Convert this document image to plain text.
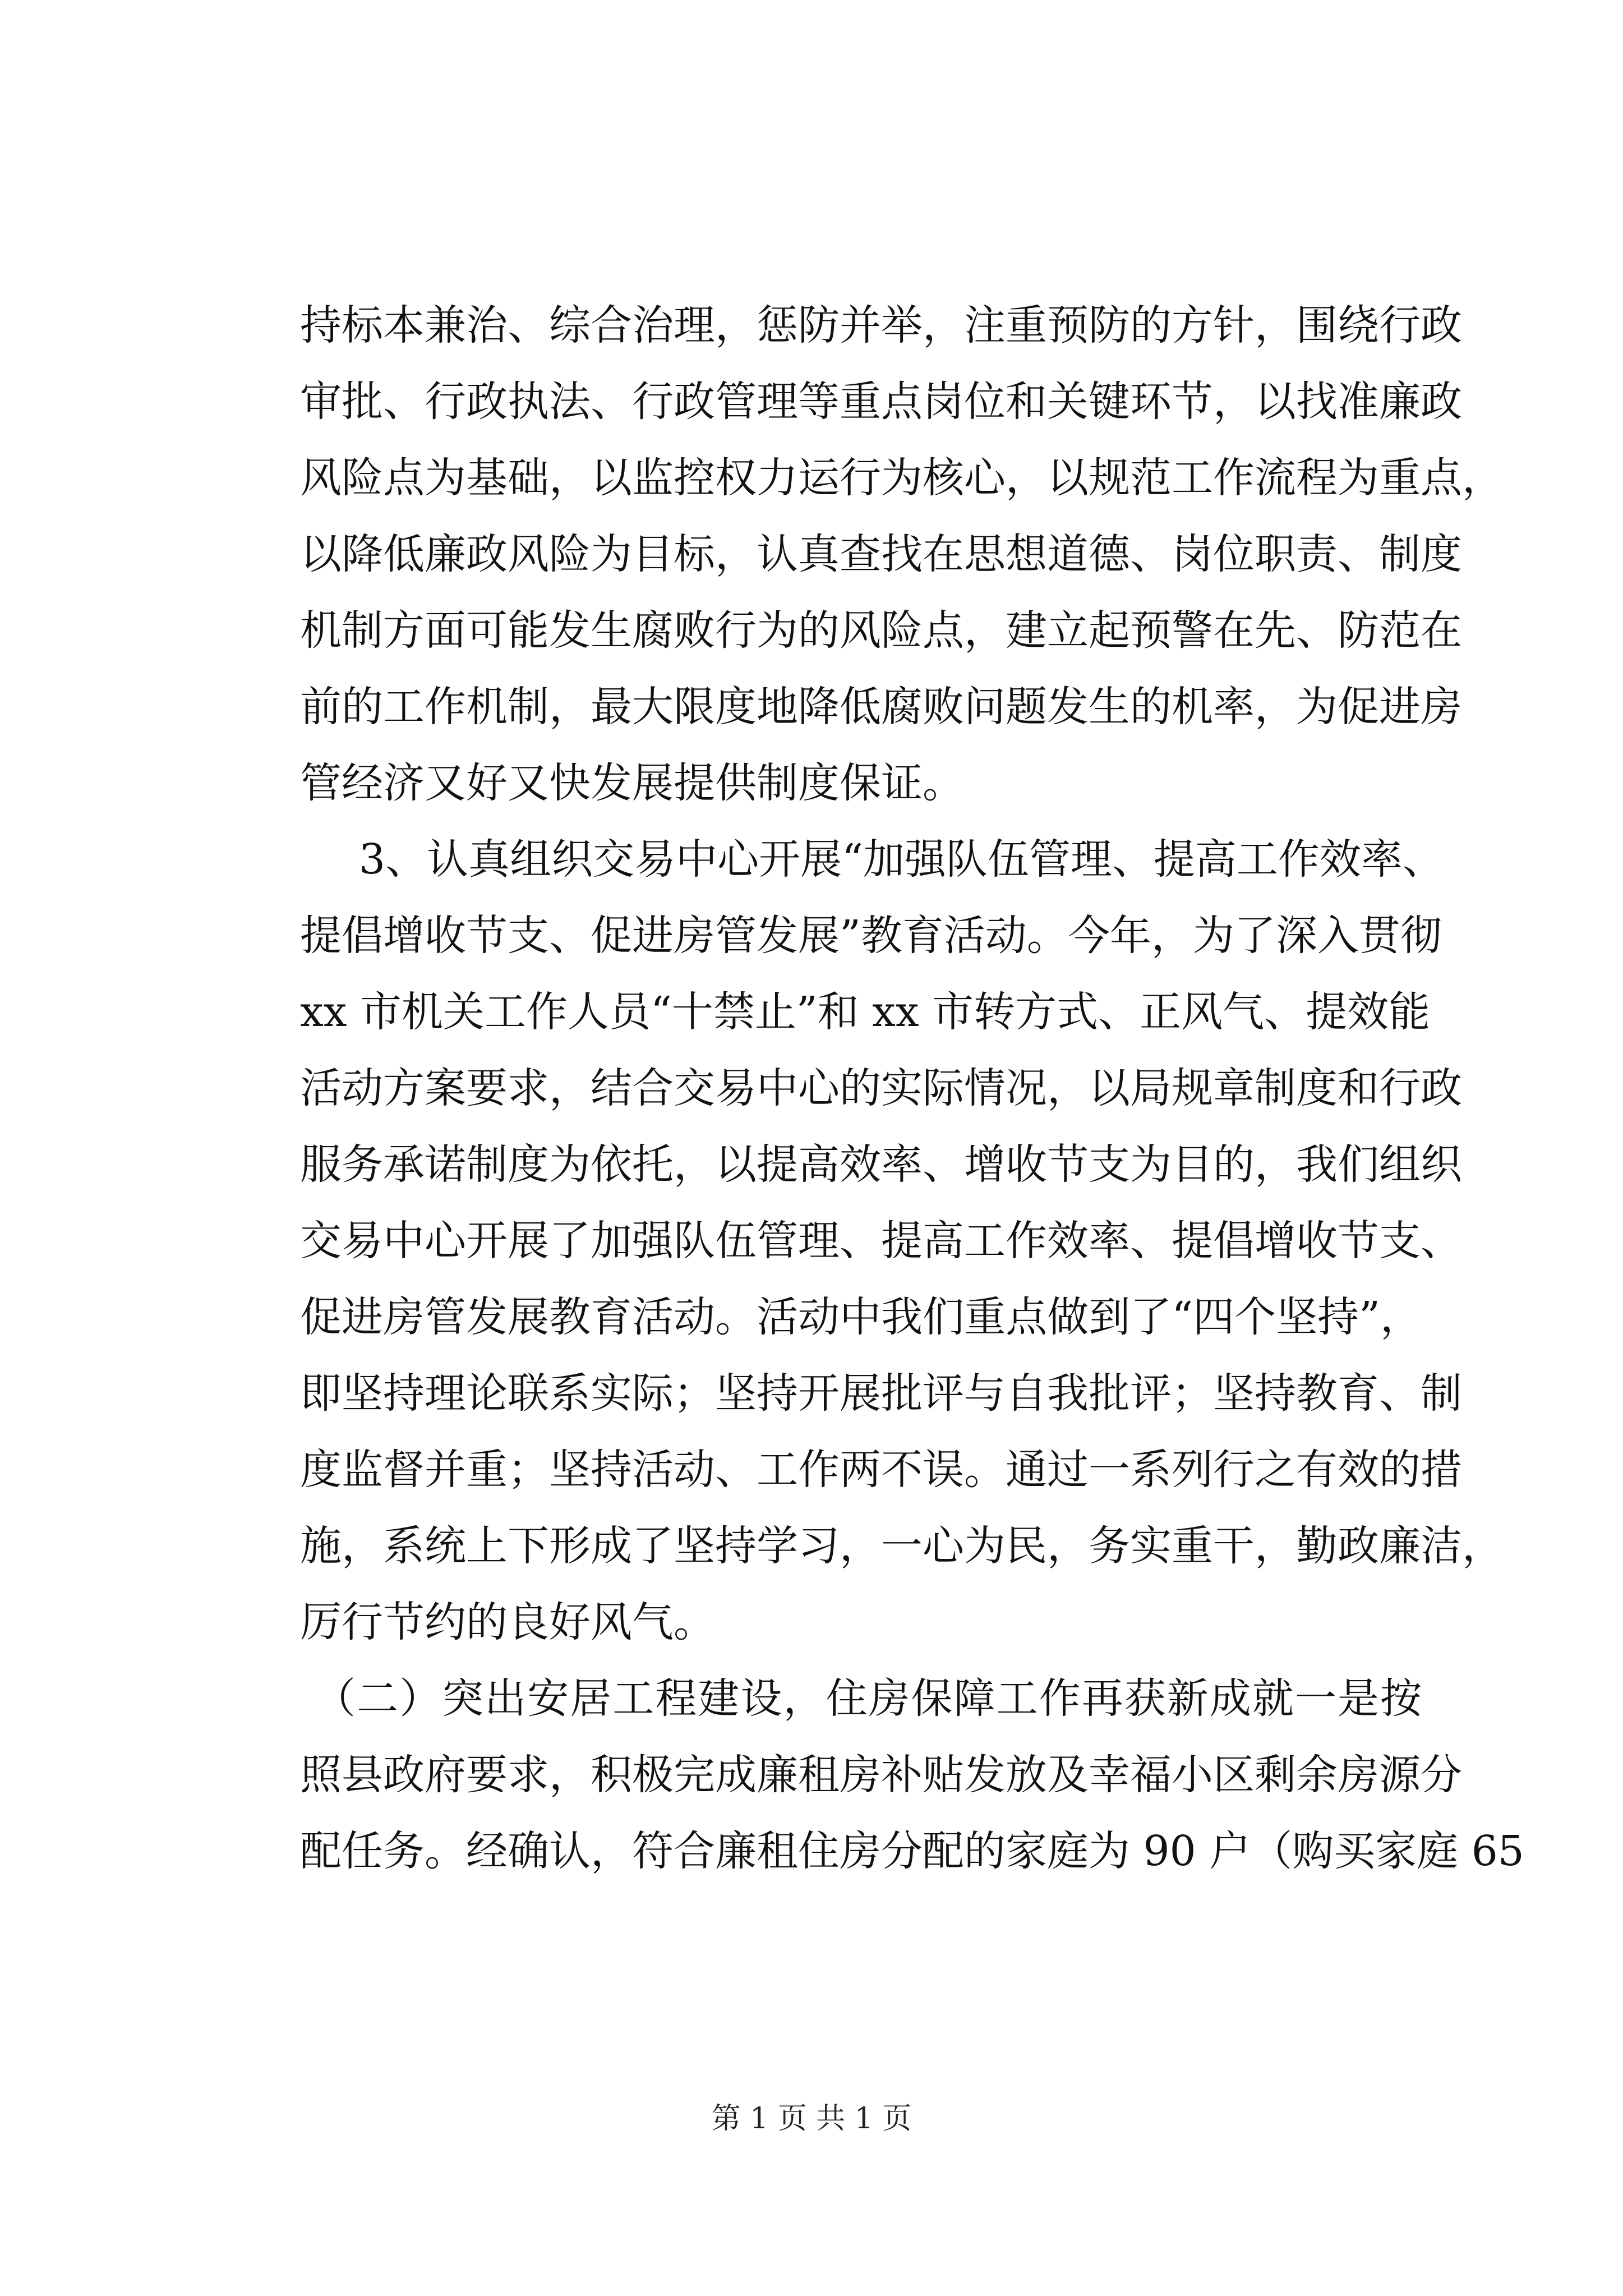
持标本兼治、综合治理，惩防并举，注重预防的方针，围绕行政
审批、行政执法、行政管理等重点岗位和关键环节，以找准廉政
风险点为基础，以监控权力运行为核心，以规范工作流程为重点，
以降低廉政风险为目标，认真查找在思想道德、岗位职责、制度
机制方面可能发生腐败行为的风险点，建立起预警在先、防范在
前的工作机制，最大限度地降低腐败问题发生的机率，为促进房
管经济又好又快发展提供制度保证。
3、认真组织交易中心开展“加强队伍管理、提高工作效率、
提倡增收节支、促进房管发展”教育活动。今年，为了深入贯彻
xx 市机关工作人员“十禁止”和 xx 市转方式、正风气、提效能
活动方案要求，结合交易中心的实际情况，以局规章制度和行政
服务承诺制度为依托，以提高效率、增收节支为目的，我们组织
交易中心开展了加强队伍管理、提高工作效率、提倡增收节支、
促进房管发展教育活动。活动中我们重点做到了“四个坚持”，
即坚持理论联系实际；坚持开展批评与自我批评；坚持教育、制
度监督并重；坚持活动、工作两不误。通过一系列行之有效的措
施，系统上下形成了坚持学习，一心为民，务实重干，勤政廉洁，
厉行节约的良好风气。
（二）突出安居工程建设，住房保障工作再获新成就一是按
照县政府要求，积极完成廉租房补贴发放及幸福小区剩余房源分
配任务。经确认，符合廉租住房分配的家庭为 90 户（购买家庭 65
第 1 页 共 1 页
